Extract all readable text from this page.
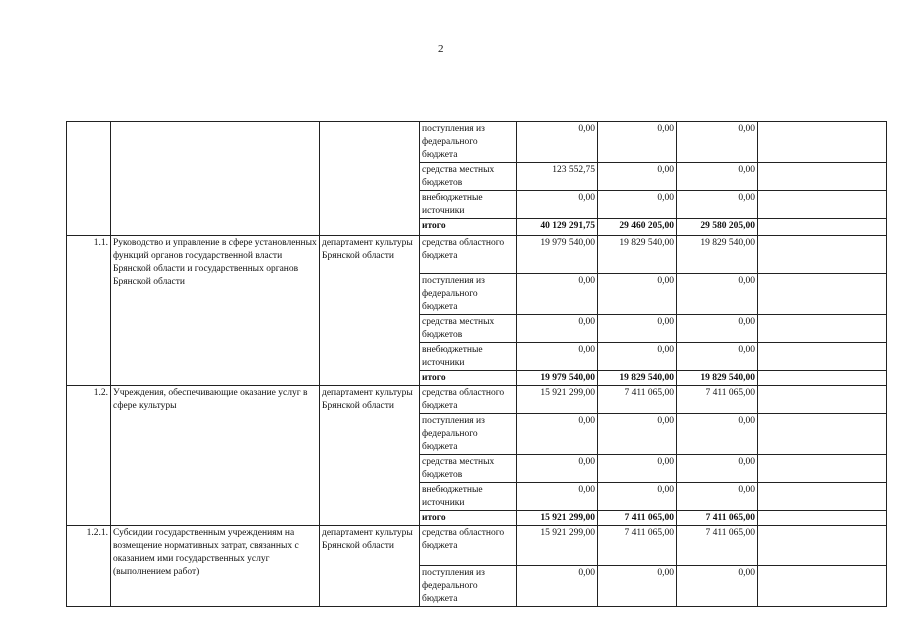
2
			поступления из федерального бюджета	0,00	0,00	0,00	
			средства местных бюджетов	123 552,75	0,00	0,00	
			внебюджетные источники	0,00	0,00	0,00	
			итого	40 129 291,75	29 460 205,00	29 580 205,00	
1.1.	Руководство и управление в сфере установленных функций органов государственной власти Брянской области и государственных органов Брянской области	департамент культуры Брянской области	средства областного бюджета	19 979 540,00	19 829 540,00	19 829 540,00	
			поступления из федерального бюджета	0,00	0,00	0,00	
			средства местных бюджетов	0,00	0,00	0,00	
			внебюджетные источники	0,00	0,00	0,00	
			итого	19 979 540,00	19 829 540,00	19 829 540,00	
1.2.	Учреждения, обеспечивающие оказание услуг в сфере культуры	департамент культуры Брянской области	средства областного бюджета	15 921 299,00	7 411 065,00	7 411 065,00	
			поступления из федерального бюджета	0,00	0,00	0,00	
			средства местных бюджетов	0,00	0,00	0,00	
			внебюджетные источники	0,00	0,00	0,00	
			итого	15 921 299,00	7 411 065,00	7 411 065,00	
1.2.1.	Субсидии государственным учреждениям на возмещение нормативных затрат, связанных с оказанием ими государственных услуг (выполнением работ)	департамент культуры Брянской области	средства областного бюджета	15 921 299,00	7 411 065,00	7 411 065,00	
			поступления из федерального бюджета	0,00	0,00	0,00	
